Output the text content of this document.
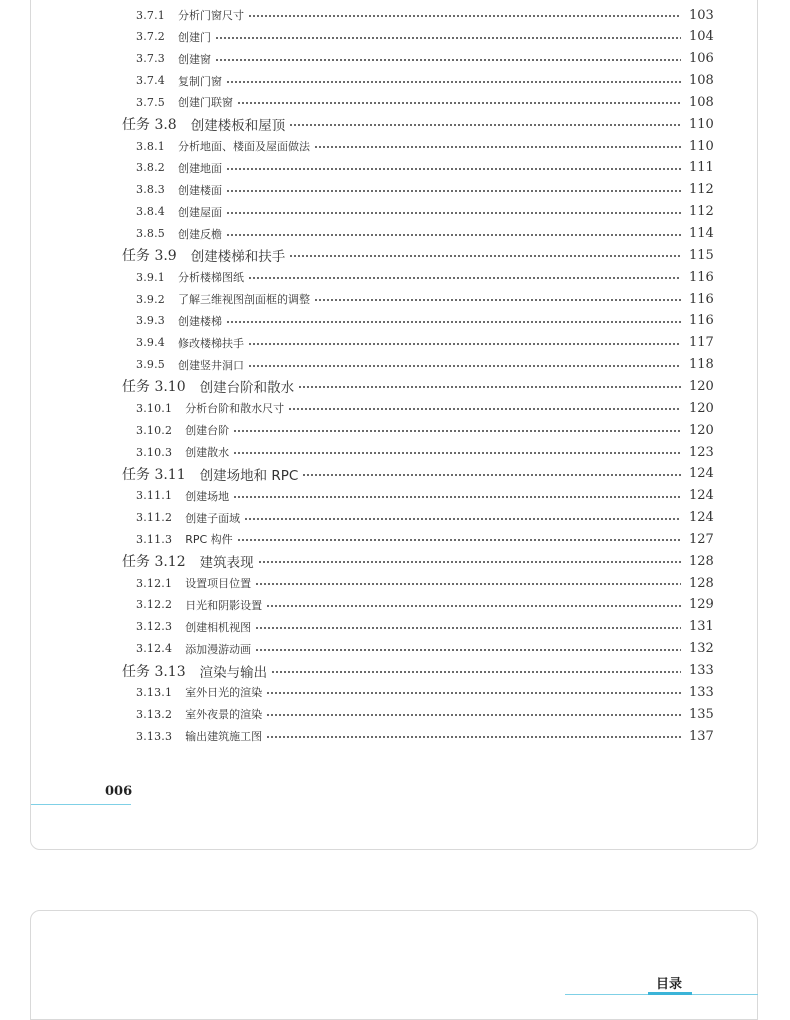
3.7.1 分析门窗尺寸	103
3.7.2 创建门	104
3.7.3 创建窗	106
3.7.4 复制门窗	108
3.7.5 创建门联窗	108
任务 3.8 创建楼板和屋顶	110
3.8.1 分析地面、楼面及屋面做法	110
3.8.2 创建地面	111
3.8.3 创建楼面	112
3.8.4 创建屋面	112
3.8.5 创建反檐	114
任务 3.9 创建楼梯和扶手	115
3.9.1 分析楼梯图纸	116
3.9.2 了解三维视图剖面框的调整	116
3.9.3 创建楼梯	116
3.9.4 修改楼梯扶手	117
3.9.5 创建竖井洞口	118
任务 3.10 创建台阶和散水	120
3.10.1 分析台阶和散水尺寸	120
3.10.2 创建台阶	120
3.10.3 创建散水	123
任务 3.11 创建场地和 RPC	124
3.11.1 创建场地	124
3.11.2 创建子面域	124
3.11.3 RPC 构件	127
任务 3.12 建筑表现	128
3.12.1 设置项目位置	128
3.12.2 日光和阴影设置	129
3.12.3 创建相机视图	131
3.12.4 添加漫游动画	132
任务 3.13 渲染与输出	133
3.13.1 室外日光的渲染	133
3.13.2 室外夜景的渲染	135
3.13.3 输出建筑施工图	137
006
目录
